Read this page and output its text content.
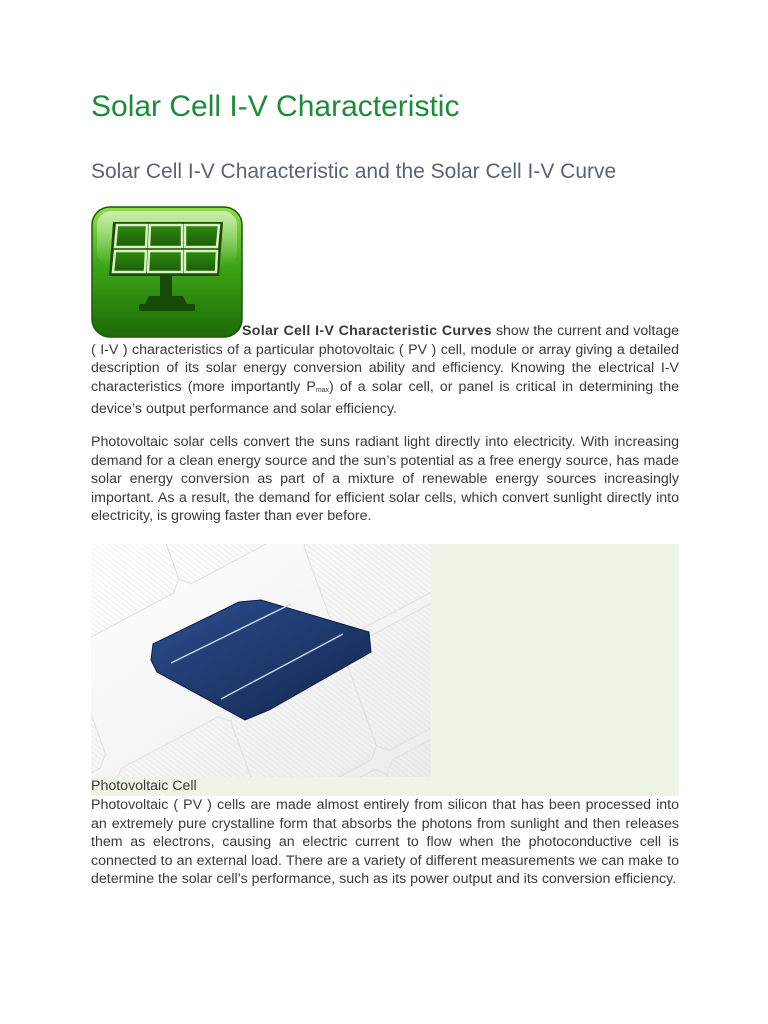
Solar Cell I-V Characteristic
Solar Cell I-V Characteristic and the Solar Cell I-V Curve

Solar Cell I-V Characteristic Curves show the current and voltage ( I-V ) characteristics of a particular photovoltaic ( PV ) cell, module or array giving a detailed description of its solar energy conversion ability and efficiency. Knowing the electrical I-V characteristics (more importantly $P_{max}$) of a solar cell, or panel is critical in determining the device’s output performance and solar efficiency.

Photovoltaic solar cells convert the suns radiant light directly into electricity. With increasing demand for a clean energy source and the sun’s potential as a free energy source, has made solar energy conversion as part of a mixture of renewable energy sources increasingly important. As a result, the demand for efficient solar cells, which convert sunlight directly into electricity, is growing faster than ever before.

Photovoltaic Cell

Photovoltaic ( PV ) cells are made almost entirely from silicon that has been processed into an extremely pure crystalline form that absorbs the photons from sunlight and then releases them as electrons, causing an electric current to flow when the photoconductive cell is connected to an external load. There are a variety of different measurements we can make to determine the solar cell’s performance, such as its power output and its conversion efficiency.
